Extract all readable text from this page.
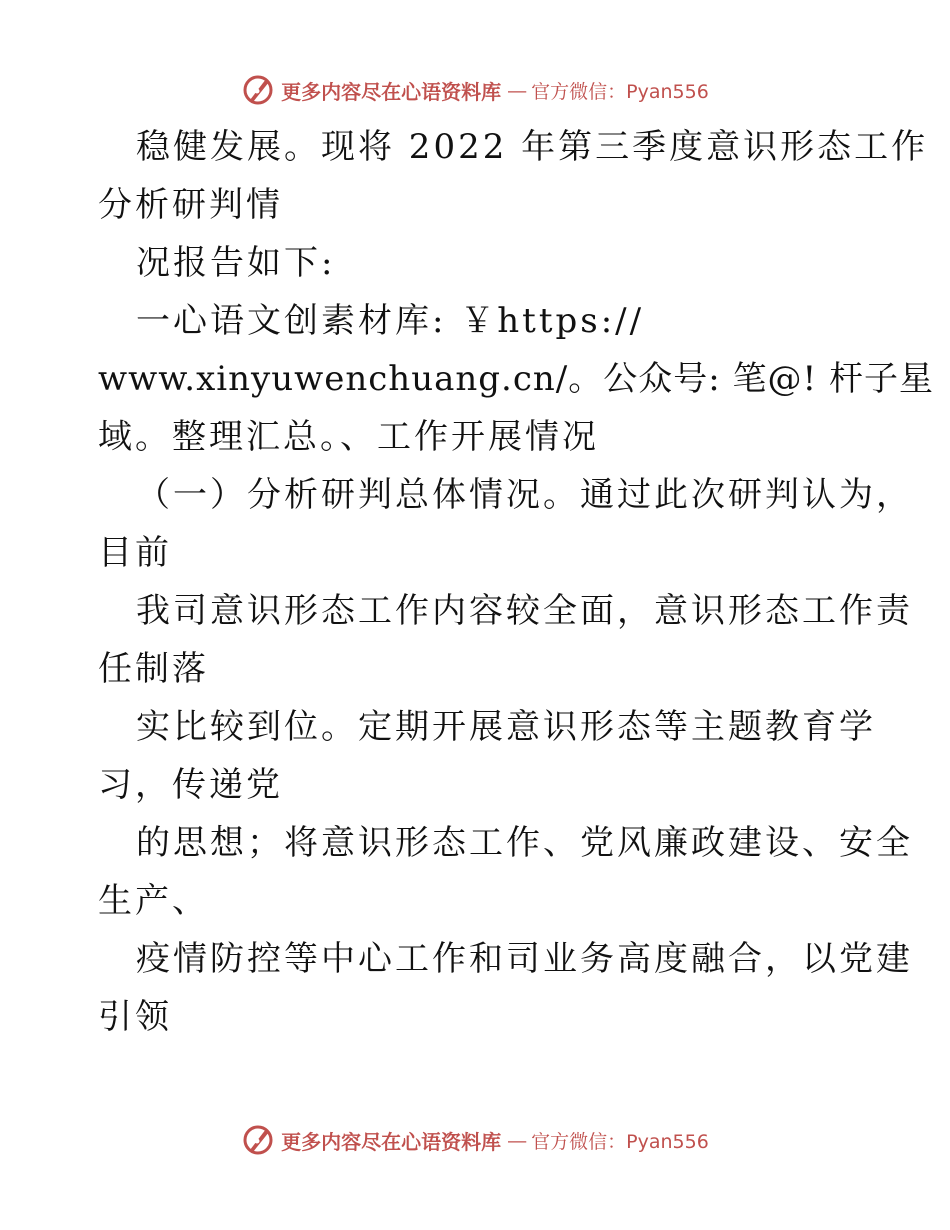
更多内容尽在心语资料库 — 官方微信：Pyan556
稳健发展。现将 2022 年第三季度意识形态工作
分析研判情
况报告如下:
一心语文创素材库: ￥https://
www.xinyuwenchuang.cn/。公众号: 笔@! 杆子星
域。整理汇总。、工作开展情况
（一）分析研判总体情况。通过此次研判认为，
目前
我司意识形态工作内容较全面，意识形态工作责
任制落
实比较到位。定期开展意识形态等主题教育学
习，传递党
的思想；将意识形态工作、党风廉政建设、安全
生产、
疫情防控等中心工作和司业务高度融合，以党建
引领
更多内容尽在心语资料库 — 官方微信：Pyan556
